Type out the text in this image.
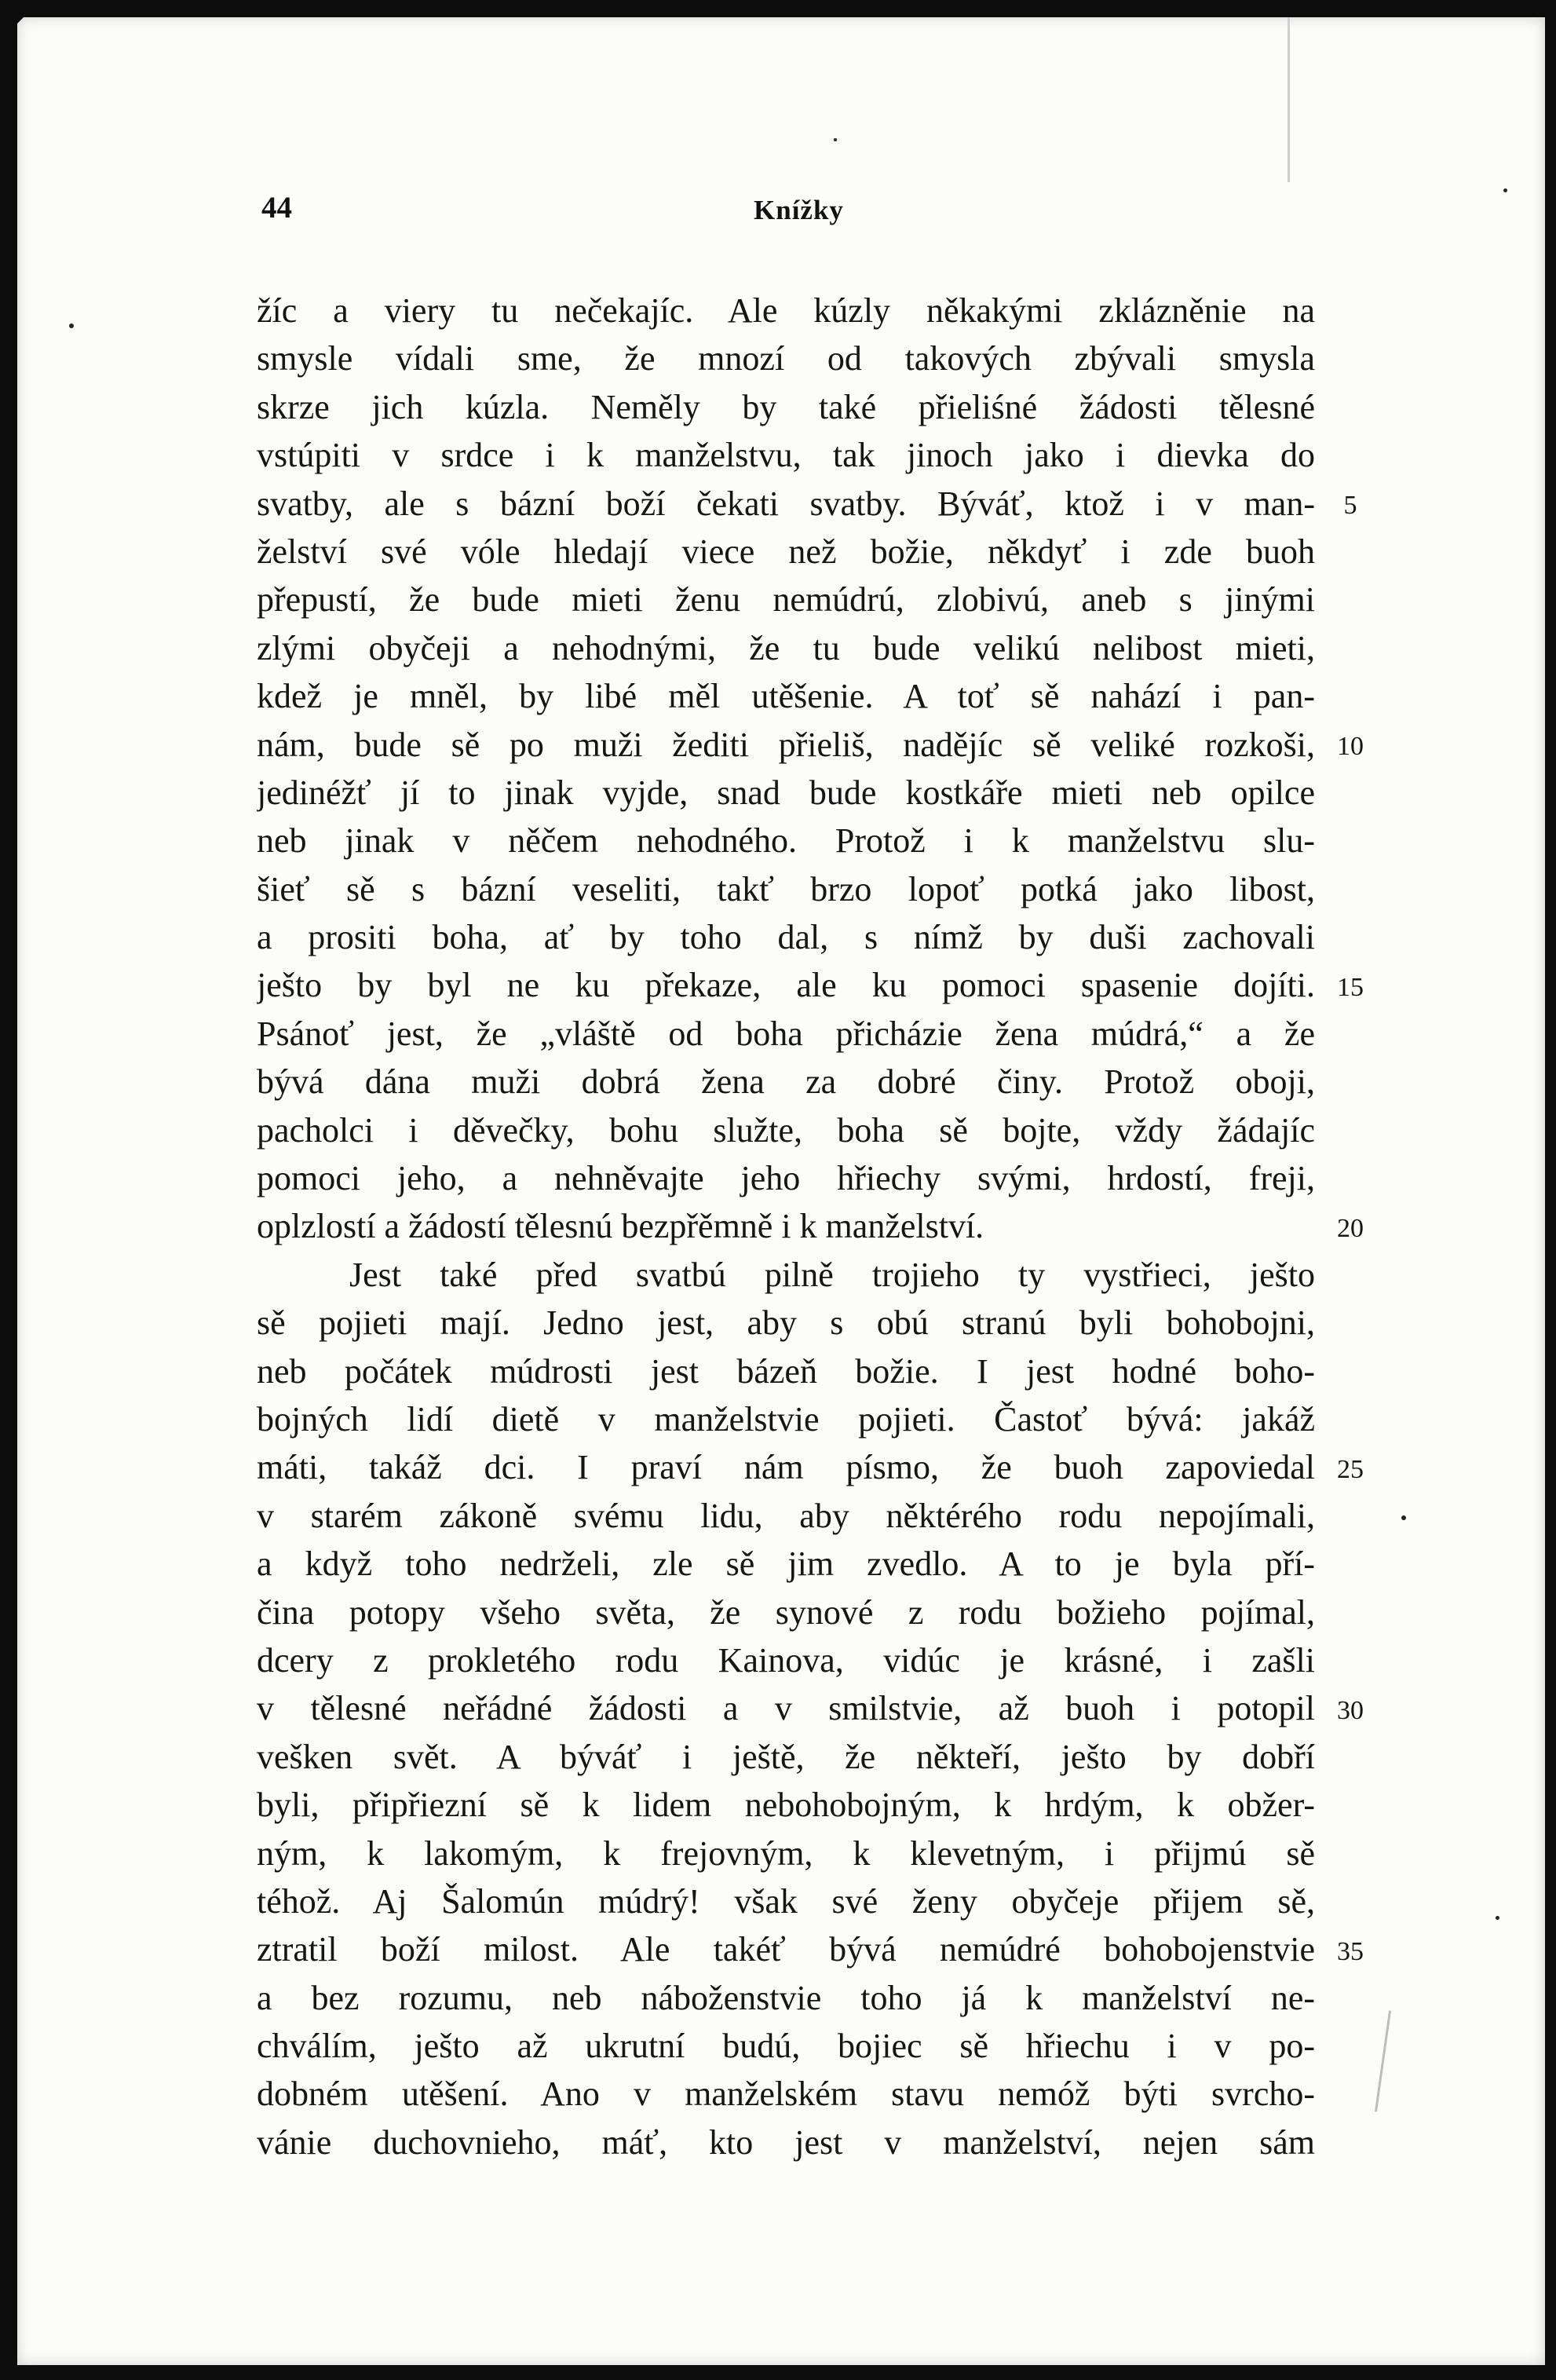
44	Knížky
žíc a viery tu nečekajíc. Ale kúzly někakými zklázněnie na
smysle vídali sme, že mnozí od takových zbývali smysla
skrze jich kúzla. Neměly by také přieliśné žádosti tělesné
vstúpiti v srdce i k manželstvu, tak jinoch jako i dievka do
svatby, ale s bázní boží čekati svatby. Býváť, ktož i v man-
želství své vóle hledají viece než božie, někdyť i zde buoh
přepustí, že bude mieti ženu nemúdrú, zlobivú, aneb s jinými
zlými obyčeji a nehodnými, že tu bude velikú nelibost mieti,
kdež je mněl, by libé měl utěšenie. A toť sě nahází i pan-
nám, bude sě po muži žediti přieliš, nadějíc sě veliké rozkoši,
jedinéžť jí to jinak vyjde, snad bude kostkáře mieti neb opilce
neb jinak v něčem nehodného. Protož i k manželstvu slu-
šieť sě s bázní veseliti, takť brzo lopoť potká jako libost,
a prositi boha, ať by toho dal, s nímž by duši zachovali
ješto by byl ne ku překaze, ale ku pomoci spasenie dojíti.
Psánoť jest, že „vláště od boha přicházie žena múdrá,“ a že
bývá dána muži dobrá žena za dobré činy. Protož oboji,
pacholci i děvečky, bohu služte, boha sě bojte, vždy žádajíc
pomoci jeho, a nehněvajte jeho hřiechy svými, hrdostí, freji,
oplzlostí a žádostí tělesnú bezpřěmně i k manželství.
Jest také před svatbú pilně trojieho ty vystřieci, ješto
sě pojieti mají. Jedno jest, aby s obú stranú byli bohobojni,
neb počátek múdrosti jest bázeň božie. I jest hodné boho-
bojných lidí dietě v manželstvie pojieti. Častoť bývá: jakáž
máti, takáž dci. I praví nám písmo, že buoh zapoviedal
v starém zákoně svému lidu, aby něktérého rodu nepojímali,
a když toho nedrželi, zle sě jim zvedlo. A to je byla pří-
čina potopy všeho světa, že synové z rodu božieho pojímal,
dcery z prokletého rodu Kainova, vidúc je krásné, i zašli
v tělesné neřádné žádosti a v smilstvie, až buoh i potopil
vešken svět. A býváť i ještě, že někteří, ješto by dobří
byli, připřiezní sě k lidem nebohobojným, k hrdým, k obžer-
ným, k lakomým, k frejovným, k klevetným, i přijmú sě
téhož. Aj Šalomún múdrý! však své ženy obyčeje přijem sě,
ztratil boží milost. Ale takéť bývá nemúdré bohobojenstvie
a bez rozumu, neb náboženstvie toho já k manželství ne-
chválím, ješto až ukrutní budú, bojiec sě hřiechu i v po-
dobném utěšení. Ano v manželském stavu nemóž býti svrcho-
vánie duchovnieho, máť, kto jest v manželství, nejen sám
5
10
15
20
25
30
35
